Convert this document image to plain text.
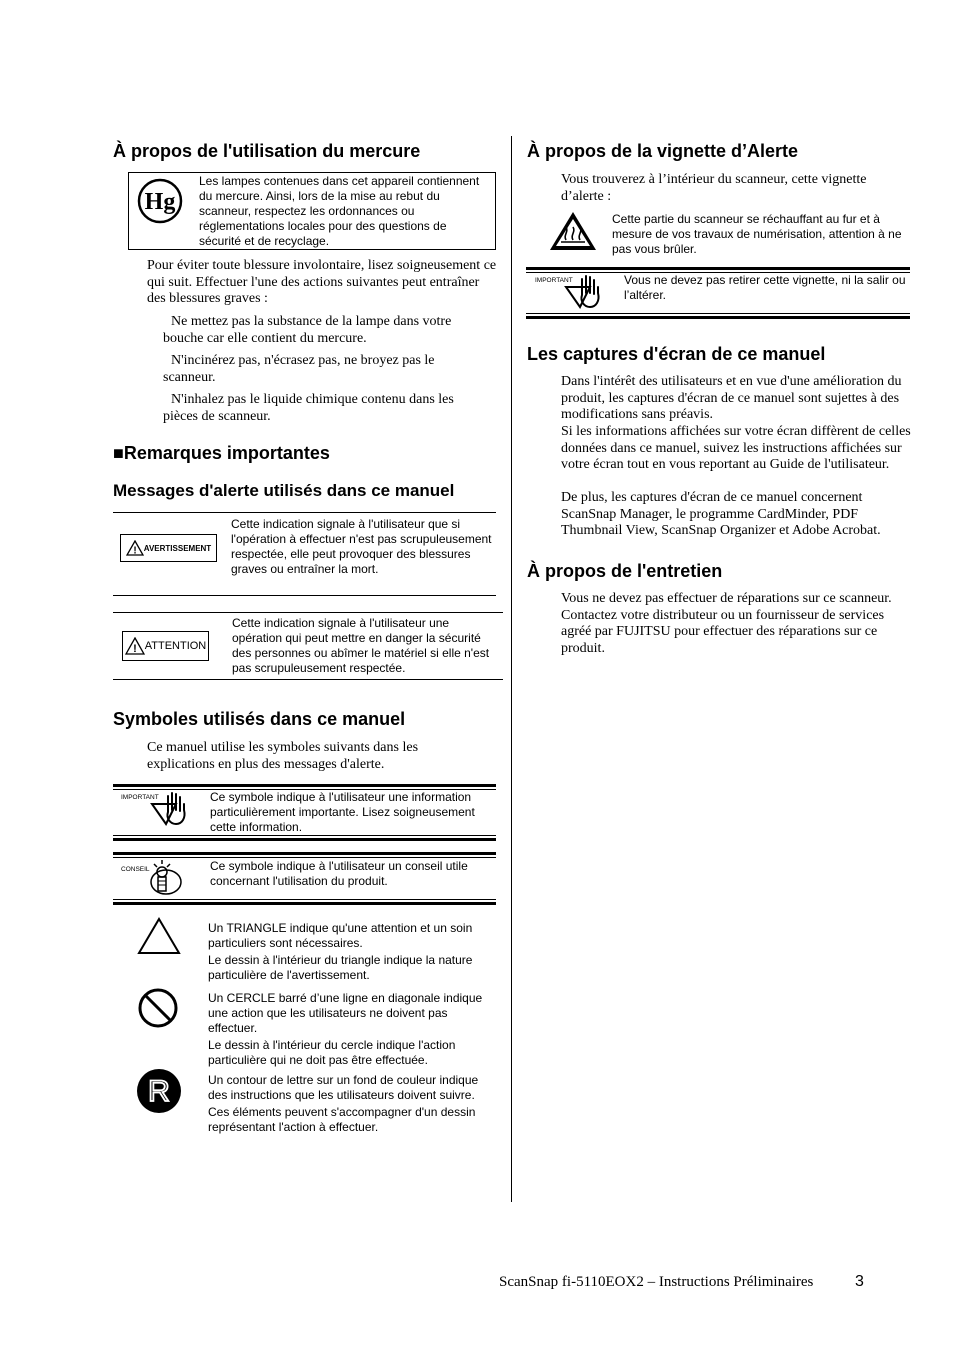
À propos de l'utilisation du mercure
Hg
Les lampes contenues dans cet appareil contiennent du mercure. Ainsi, lors de la mise au rebut du scanneur, respectez les ordonnances ou réglementations locales pour des questions de sécurité et de recyclage.
Pour éviter toute blessure involontaire, lisez soigneusement ce qui suit. Effectuer l'une des actions suivantes peut entraîner des blessures graves :
Ne mettez pas la substance de la lampe dans votre bouche car elle contient du mercure.
N'incinérez pas, n'écrasez pas, ne broyez pas le scanneur.
N'inhalez pas le liquide chimique contenu dans les pièces de scanneur.
■Remarques importantes
Messages d'alerte utilisés dans ce manuel
! AVERTISSEMENT
Cette indication signale à l'utilisateur que si l'opération à effectuer n'est pas scrupuleusement respectée, elle peut provoquer des blessures graves ou entraîner la mort.
! ATTENTION
Cette indication signale à l'utilisateur une opération qui peut mettre en danger la sécurité des personnes ou abîmer le matériel si elle n'est pas scrupuleusement respectée.
Symboles utilisés dans ce manuel
Ce manuel utilise les symboles suivants dans les explications en plus des messages d'alerte.
IMPORTANT	Ce symbole indique à l'utilisateur une information particulièrement importante. Lisez soigneusement cette information.
CONSEIL	Ce symbole indique à l'utilisateur un conseil utile concernant l'utilisation du produit.
Un TRIANGLE indique qu'une attention et un soin particuliers sont nécessaires.
Le dessin à l'intérieur du triangle indique la nature particulière de l'avertissement.
Un CERCLE barré d’une ligne en diagonale indique une action que les utilisateurs ne doivent pas effectuer.
Le dessin à l'intérieur du cercle indique l'action particulière qui ne doit pas être effectuée.
R	Un contour de lettre sur un fond de couleur indique des instructions que les utilisateurs doivent suivre.
Ces éléments peuvent s'accompagner d'un dessin représentant l'action à effectuer.
À propos de la vignette d’Alerte
Vous trouverez à l’intérieur du scanneur, cette vignette d’alerte :
Cette partie du scanneur se réchauffant au fur et à mesure de vos travaux de numérisation, attention à ne pas vous brûler.
IMPORTANT	Vous ne devez pas retirer cette vignette, ni la salir ou l’altérer.
Les captures d'écran de ce manuel
Dans l'intérêt des utilisateurs et en vue d'une amélioration du produit, les captures d'écran de ce manuel sont sujettes à des modifications sans préavis.
Si les informations affichées sur votre écran diffèrent de celles données dans ce manuel, suivez les instructions affichées sur votre écran tout en vous reportant au Guide de l'utilisateur.
De plus, les captures d'écran de ce manuel concernent ScanSnap Manager, le programme CardMinder, PDF Thumbnail View, ScanSnap Organizer et Adobe Acrobat.
À propos de l'entretien
Vous ne devez pas effectuer de réparations sur ce scanneur. Contactez votre distributeur ou un fournisseur de services agréé par FUJITSU pour effectuer des réparations sur ce produit.
ScanSnap fi-5110EOX2 – Instructions Préliminaires	3
